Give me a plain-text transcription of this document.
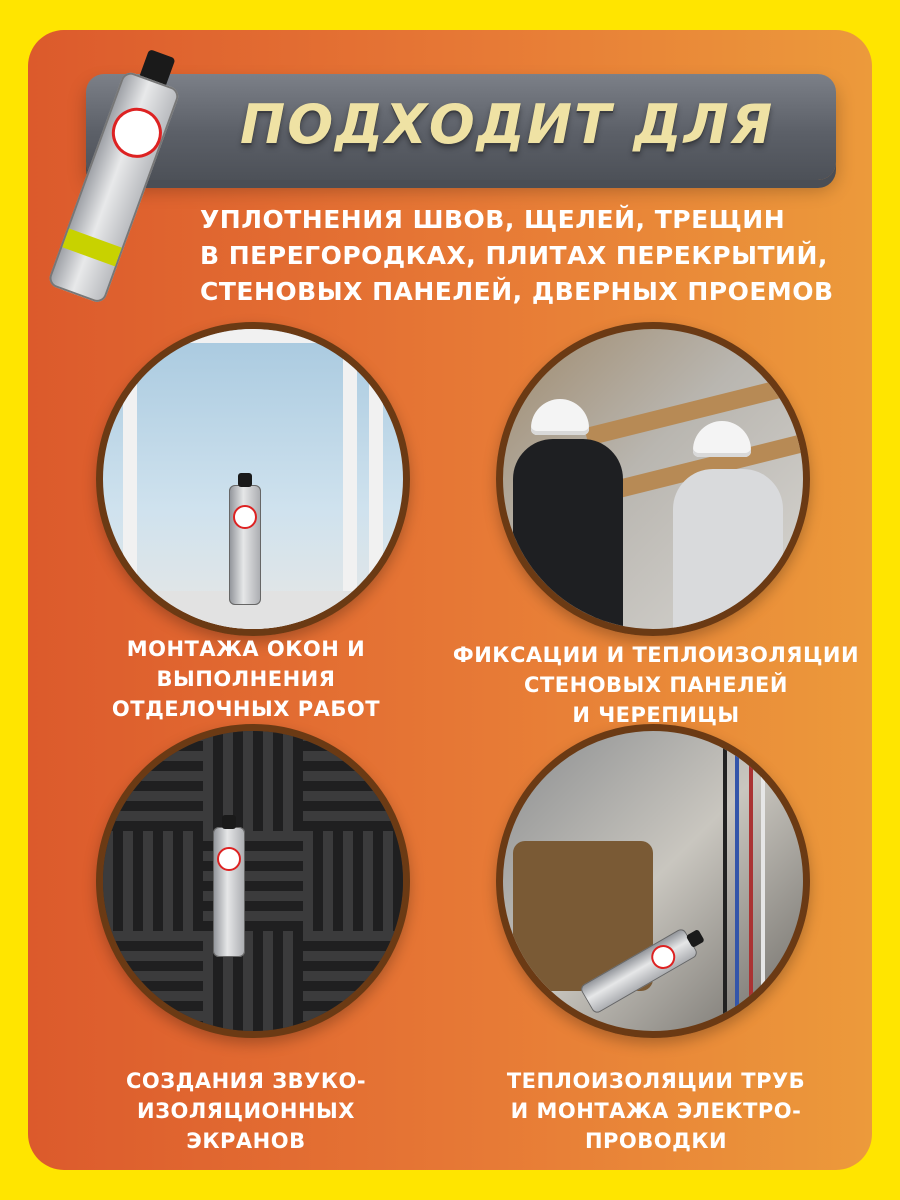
ПОДХОДИТ ДЛЯ
УПЛОТНЕНИЯ ШВОВ, ЩЕЛЕЙ, ТРЕЩИН
В ПЕРЕГОРОДКАХ, ПЛИТАХ ПЕРЕКРЫТИЙ,
СТЕНОВЫХ ПАНЕЛЕЙ, ДВЕРНЫХ ПРОЕМОВ
МОНТАЖА ОКОН И
ВЫПОЛНЕНИЯ
ОТДЕЛОЧНЫХ РАБОТ
ФИКСАЦИИ И ТЕПЛОИЗОЛЯЦИИ
СТЕНОВЫХ ПАНЕЛЕЙ
И ЧЕРЕПИЦЫ
СОЗДАНИЯ ЗВУКО-
ИЗОЛЯЦИОННЫХ
ЭКРАНОВ
ТЕПЛОИЗОЛЯЦИИ ТРУБ
И МОНТАЖА ЭЛЕКТРО-
ПРОВОДКИ
